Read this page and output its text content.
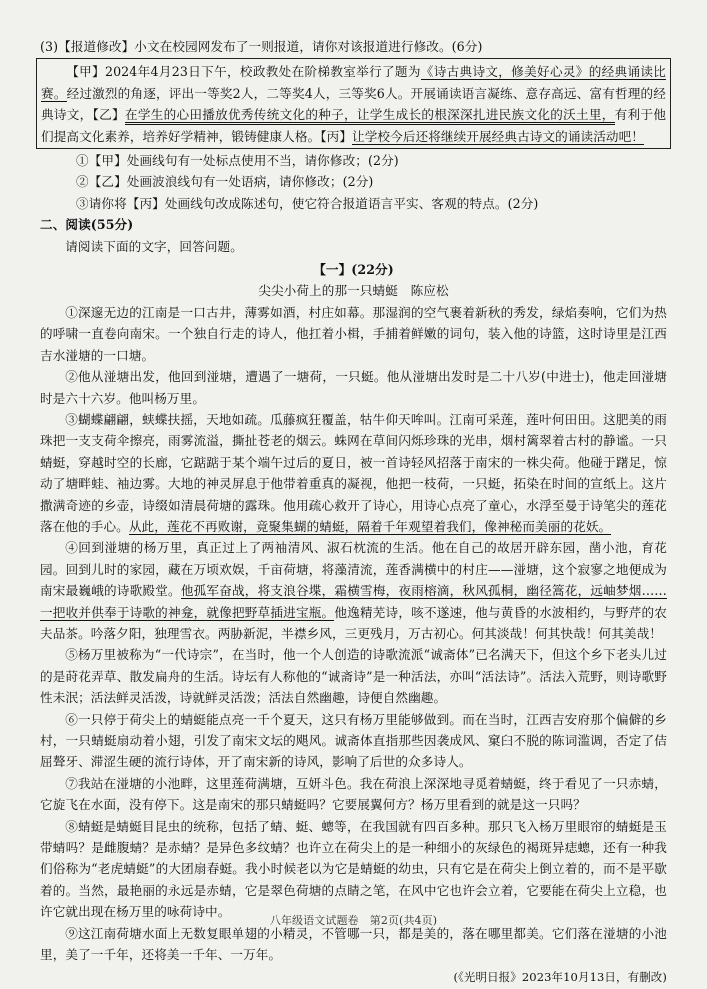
(3)【报道修改】小文在校园网发布了一则报道，请你对该报道进行修改。(6分)

【甲】2024年4月23日下午，校政教处在阶梯教室举行了题为《诗古典诗文，修美好心灵》的经典诵读比赛。经过激烈的角逐，评出一等奖2人，二等奖4人，三等奖6人。开展诵读语言凝练、意存高远、富有哲理的经典诗文，【乙】在学生的心田播放优秀传统文化的种子，让学生成长的根深深扎进民族文化的沃土里，有利于他们提高文化素养，培养好学精神，锻铸健康人格。【丙】让学校今后还将继续开展经典古诗文的诵读活动吧！

①【甲】处画线句有一处标点使用不当，请你修改；(2分)

②【乙】处画波浪线句有一处语病，请你修改；(2分)

③请你将【丙】处画线句改成陈述句，使它符合报道语言平实、客观的特点。(2分)

二、阅读(55分)

请阅读下面的文字，回答问题。

【一】(22分)

尖尖小荷上的那一只蜻蜓　 陈应松

①深邃无边的江南是一口古井，薄雾如酒，村庄如幕。那湿润的空气裹着新秋的秀发，绿焰奏响，它们为热的呼啸一直卷向南宋。一个独自行走的诗人，他扛着小楫，手捕着鲜嫩的词句，装入他的诗篮，这时诗里是江西吉水湴塘的一口塘。

②他从湴塘出发，他回到湴塘，遭遇了一塘荷，一只蜓。他从湴塘出发时是二十八岁(中进士)，他走回湴塘时是六十六岁。他叫杨万里。

③蝴蝶翩翩，蛱蝶扶摇，天地如疏。瓜藤疯狂覆盖，牯牛仰天哞叫。江南可采莲，莲叶何田田。这肥美的雨珠把一支支荷伞擦亮，雨雾流溢，撕扯苍老的烟云。蛛网在草间闪烁珍珠的光串，烟村篱翠着古村的静谧。一只蜻蜓，穿越时空的长廊，它踮踮于某个端午过后的夏日，被一首诗轻风招落于南宋的一株尖荷。他碰于躇足，惊动了塘畔蛙、袖边雾。大地的神灵屏息于他带着重真的凝视，他把一枝荷，一只蜓，拓染在时间的宣纸上。这片撒满奇迹的乡壶，诗缀如清晨荷塘的露珠。他用疏心救开了诗心，用诗心点亮了童心，水浮至曼于诗笔尖的莲花落在他的手心。从此，莲花不再败谢，竟聚集蝴的蜻蜓，隔着千年观望着我们，像神秘而美丽的花妖。

④回到湴塘的杨万里，真正过上了两袖清风、淑石枕流的生活。他在自己的故居开辟东园，凿小池，育花园。回到儿时的家园，藏在万顷欢娱，千亩荷塘，将藻清流，莲香满横中的村庄——湴塘，这个寂寥之地便成为南宋最巍峨的诗歌殿堂。他孤军奋战，将支浪谷堞，霜横雪梅，夜雨榕滴，秋风孤桐，幽径篙花，远岫梦烟……一把收并供奉于诗歌的神龛，就像把野草插进宝瓶。他逸精芜诗，咳不遂速，他与黄昏的水波相约，与野芹的农夫品茶。吟落夕阳，独理雪衣。两胁新泥，半襟乡风，三更残月，万古初心。何其淡哉！何其快哉！何其美哉！

⑤杨万里被称为“一代诗宗”，在当时，他一个人创造的诗歌流派“诚斋体”已名满天下，但这个乡下老头儿过的是莳花弄草、散发扁舟的生活。诗坛有人称他的“诚斋诗”是一种活法，亦叫“活法诗”。活法入荒野，则诗歌野性未泯；活法鲜灵活泼，诗就鲜灵活泼；活法自然幽趣，诗便自然幽趣。

⑥一只停于荷尖上的蜻蜓能点亮一千个夏天，这只有杨万里能够做到。而在当时，江西吉安府那个偏僻的乡村，一只蜻蜓扇动着小翅，引发了南宋文坛的飓风。诚斋体直指那些因袭成风、窠臼不脱的陈词滥调，否定了佶屈聱牙、滞涩生硬的流行诗体，开了南宋新的诗风，影响了后世的众多诗人。

⑦我站在湴塘的小池畔，这里莲荷满塘，互妍斗色。我在荷浪上深深地寻觅着蜻蜓，终于看见了一只赤蜻，它旋飞在水面，没有停下。这是南宋的那只蜻蜓吗？它要展翼何方？杨万里看到的就是这一只吗？

⑧蜻蜓是蜻蜓目昆虫的统称，包括了蜻、蜓、蟌等，在我国就有四百多种。那只飞入杨万里眼帘的蜻蜓是玉带蜻吗？是雌腹蜻？是赤蜻？是异色多纹蜻？也许立在荷尖上的是一种细小的灰绿色的褐斑异痣蟌，还有一种我们俗称为“老虎蜻蜓”的大团扇春蜓。我小时候老以为它是蜻蜓的幼虫，只有它是在荷尖上倒立着的，而不是平歇着的。当然，最艳丽的永远是赤蜻，它是翠色荷塘的点睛之笔，在风中它也许会立着，它要能在荷尖上立稳，也许它就出现在杨万里的咏荷诗中。

⑨这江南荷塘水面上无数复眼单翅的小精灵，不管哪一只，都是美的，落在哪里都美。它们落在湴塘的小池里，美了一千年，还将美一千年、一万年。

(《光明日报》2023年10月13日，有删改)

八年级语文试题卷　第2页(共4页)
